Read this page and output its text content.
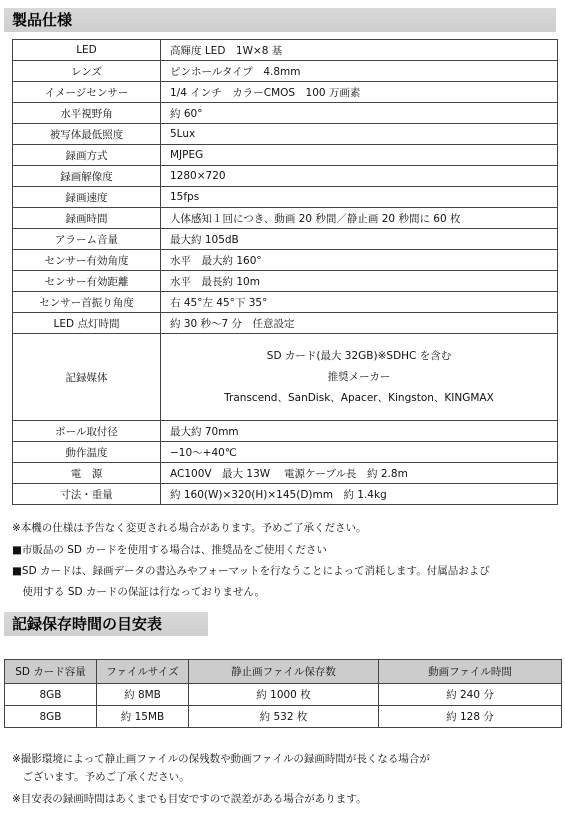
製品仕様
LED	高輝度 LED　1W×8 基
レンズ	ピンホールタイプ　4.8mm
イメージセンサー	1/4 インチ　カラーCMOS　100 万画素
水平視野角	約 60°
被写体最低照度	5Lux
録画方式	MJPEG
録画解像度	1280×720
録画速度	15fps
録画時間	人体感知１回につき、動画 20 秒間／静止画 20 秒間に 60 枚
アラーム音量	最大約 105dB
センサー有効角度	水平　最大約 160°
センサー有効距離	水平　最長約 10m
センサー首振り角度	右 45°左 45°下 35°
LED 点灯時間	約 30 秒～7 分　任意設定
記録媒体	SD カード(最大 32GB)※SDHC を含む
推奨メーカー
Transcend、SanDisk、Apacer、Kingston、KINGMAX

ポール取付径	最大約 70mm
動作温度	−10～+40℃
電　源	AC100V　最大 13W　 電源ケーブル長　約 2.8m
寸法・重量	約 160(W)×320(H)×145(D)mm　約 1.4kg
※本機の仕様は予告なく変更される場合があります。予めご了承ください。
■市販品の SD カードを使用する場合は、推奨品をご使用ください
■SD カードは、録画データの書込みやフォーマットを行なうことによって消耗します。付属品および
　使用する SD カードの保証は行なっておりません。
記録保存時間の目安表
SD カード容量	ファイルサイズ	静止画ファイル保存数	動画ファイル時間
8GB	約 8MB	約 1000 枚	約 240 分
8GB	約 15MB	約 532 枚	約 128 分
※撮影環境によって静止画ファイルの保残数や動画ファイルの録画時間が長くなる場合が
　ございます。予めご了承ください。
※目安表の録画時間はあくまでも目安ですので誤差がある場合があります。
